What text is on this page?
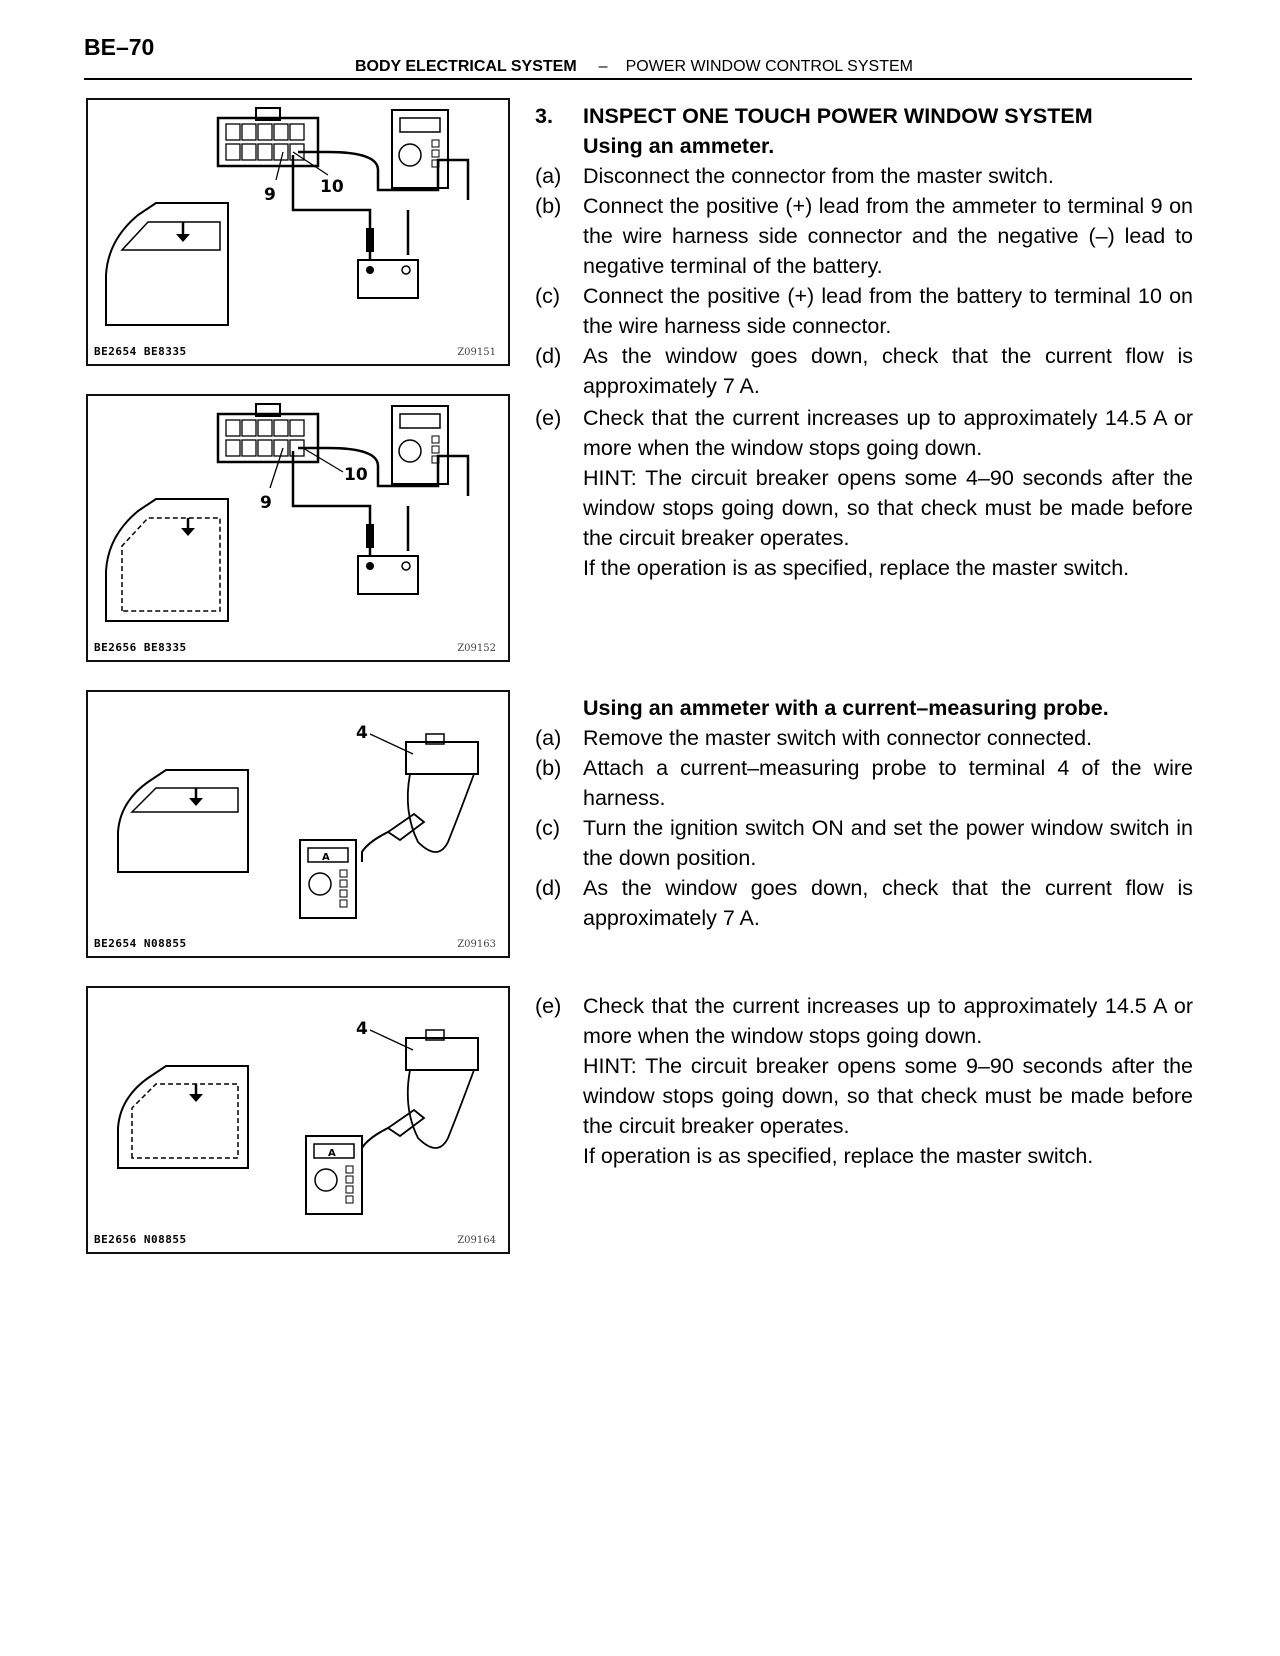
BE–70
BODY ELECTRICAL SYSTEM – POWER WINDOW CONTROL SYSTEM
9	10
BE2654 BE8335	Z09151
9
10
BE2656 BE8335	Z09152
4
A
BE2654 N08855	Z09163
4
A
BE2656 N08855	Z09164
3.	INSPECT ONE TOUCH POWER WINDOW SYSTEM
Using an ammeter.
(a)	Disconnect the connector from the master switch.
(b)	Connect the positive (+) lead from the ammeter to terminal 9 on the wire harness side connector and the negative (–) lead to negative terminal of the battery.
(c)	Connect the positive (+) lead from the battery to terminal 10 on the wire harness side connector.
(d)	As the window goes down, check that the current flow is approximately 7 A.
(e)	Check that the current increases up to approximately 14.5 A or more when the window stops going down.
HINT: The circuit breaker opens some 4–90 seconds after the window stops going down, so that check must be made before the circuit breaker operates.
If the operation is as specified, replace the master switch.
Using an ammeter with a current–measuring probe.
(a)	Remove the master switch with connector connected.
(b)	Attach a current–measuring probe to terminal 4 of the wire harness.
(c)	Turn the ignition switch ON and set the power window switch in the down position.
(d)	As the window goes down, check that the current flow is approximately 7 A.
(e)	Check that the current increases up to approximately 14.5 A or more when the window stops going down.
HINT: The circuit breaker opens some 9–90 seconds after the window stops going down, so that check must be made before the circuit breaker operates.
If operation is as specified, replace the master switch.
